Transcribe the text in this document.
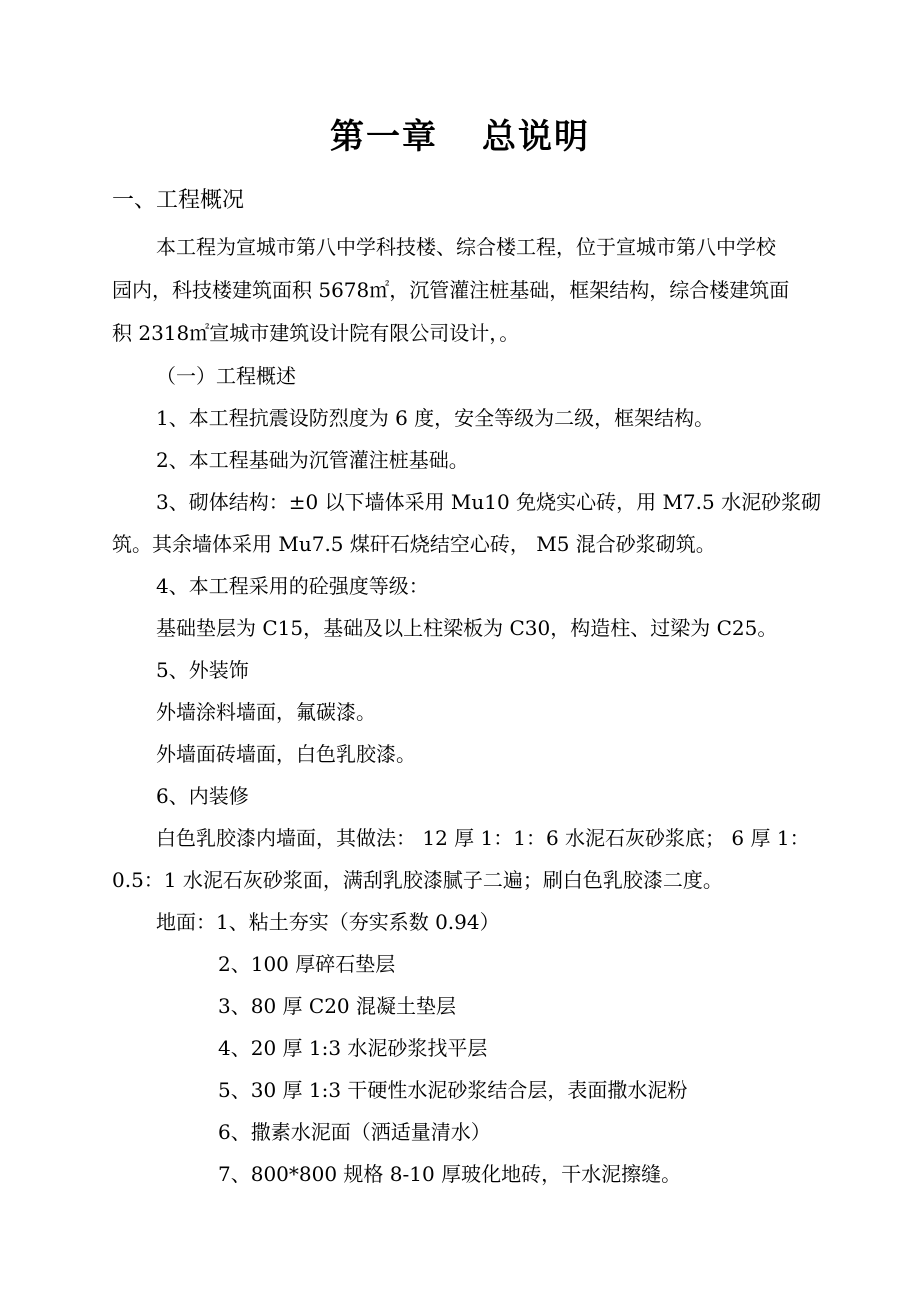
第一章 总说明
一、工程概况
本工程为宣城市第八中学科技楼、综合楼工程，位于宣城市第八中学校
园内，科技楼建筑面积 5678㎡，沉管灌注桩基础，框架结构，综合楼建筑面
积 2318㎡宣城市建筑设计院有限公司设计，。
（一）工程概述
1、本工程抗震设防烈度为 6 度，安全等级为二级，框架结构。
2、本工程基础为沉管灌注桩基础。
3、砌体结构：±0 以下墙体采用 Mu10 免烧实心砖，用 M7.5 水泥砂浆砌
筑。其余墙体采用 Mu7.5 煤矸石烧结空心砖， M5 混合砂浆砌筑。
4、本工程采用的砼强度等级：
基础垫层为 C15，基础及以上柱梁板为 C30，构造柱、过梁为 C25。
5、外装饰
外墙涂料墙面，氟碳漆。
外墙面砖墙面，白色乳胶漆。
6、内装修
白色乳胶漆内墙面，其做法： 12 厚 1：1：6 水泥石灰砂浆底； 6 厚 1：
0.5：1 水泥石灰砂浆面，满刮乳胶漆腻子二遍；刷白色乳胶漆二度。
地面：1、粘土夯实（夯实系数 0.94）
2、100 厚碎石垫层
3、80 厚 C20 混凝土垫层
4、20 厚 1:3 水泥砂浆找平层
5、30 厚 1:3 干硬性水泥砂浆结合层，表面撒水泥粉
6、撒素水泥面（洒适量清水）
7、800*800 规格 8-10 厚玻化地砖，干水泥擦缝。
